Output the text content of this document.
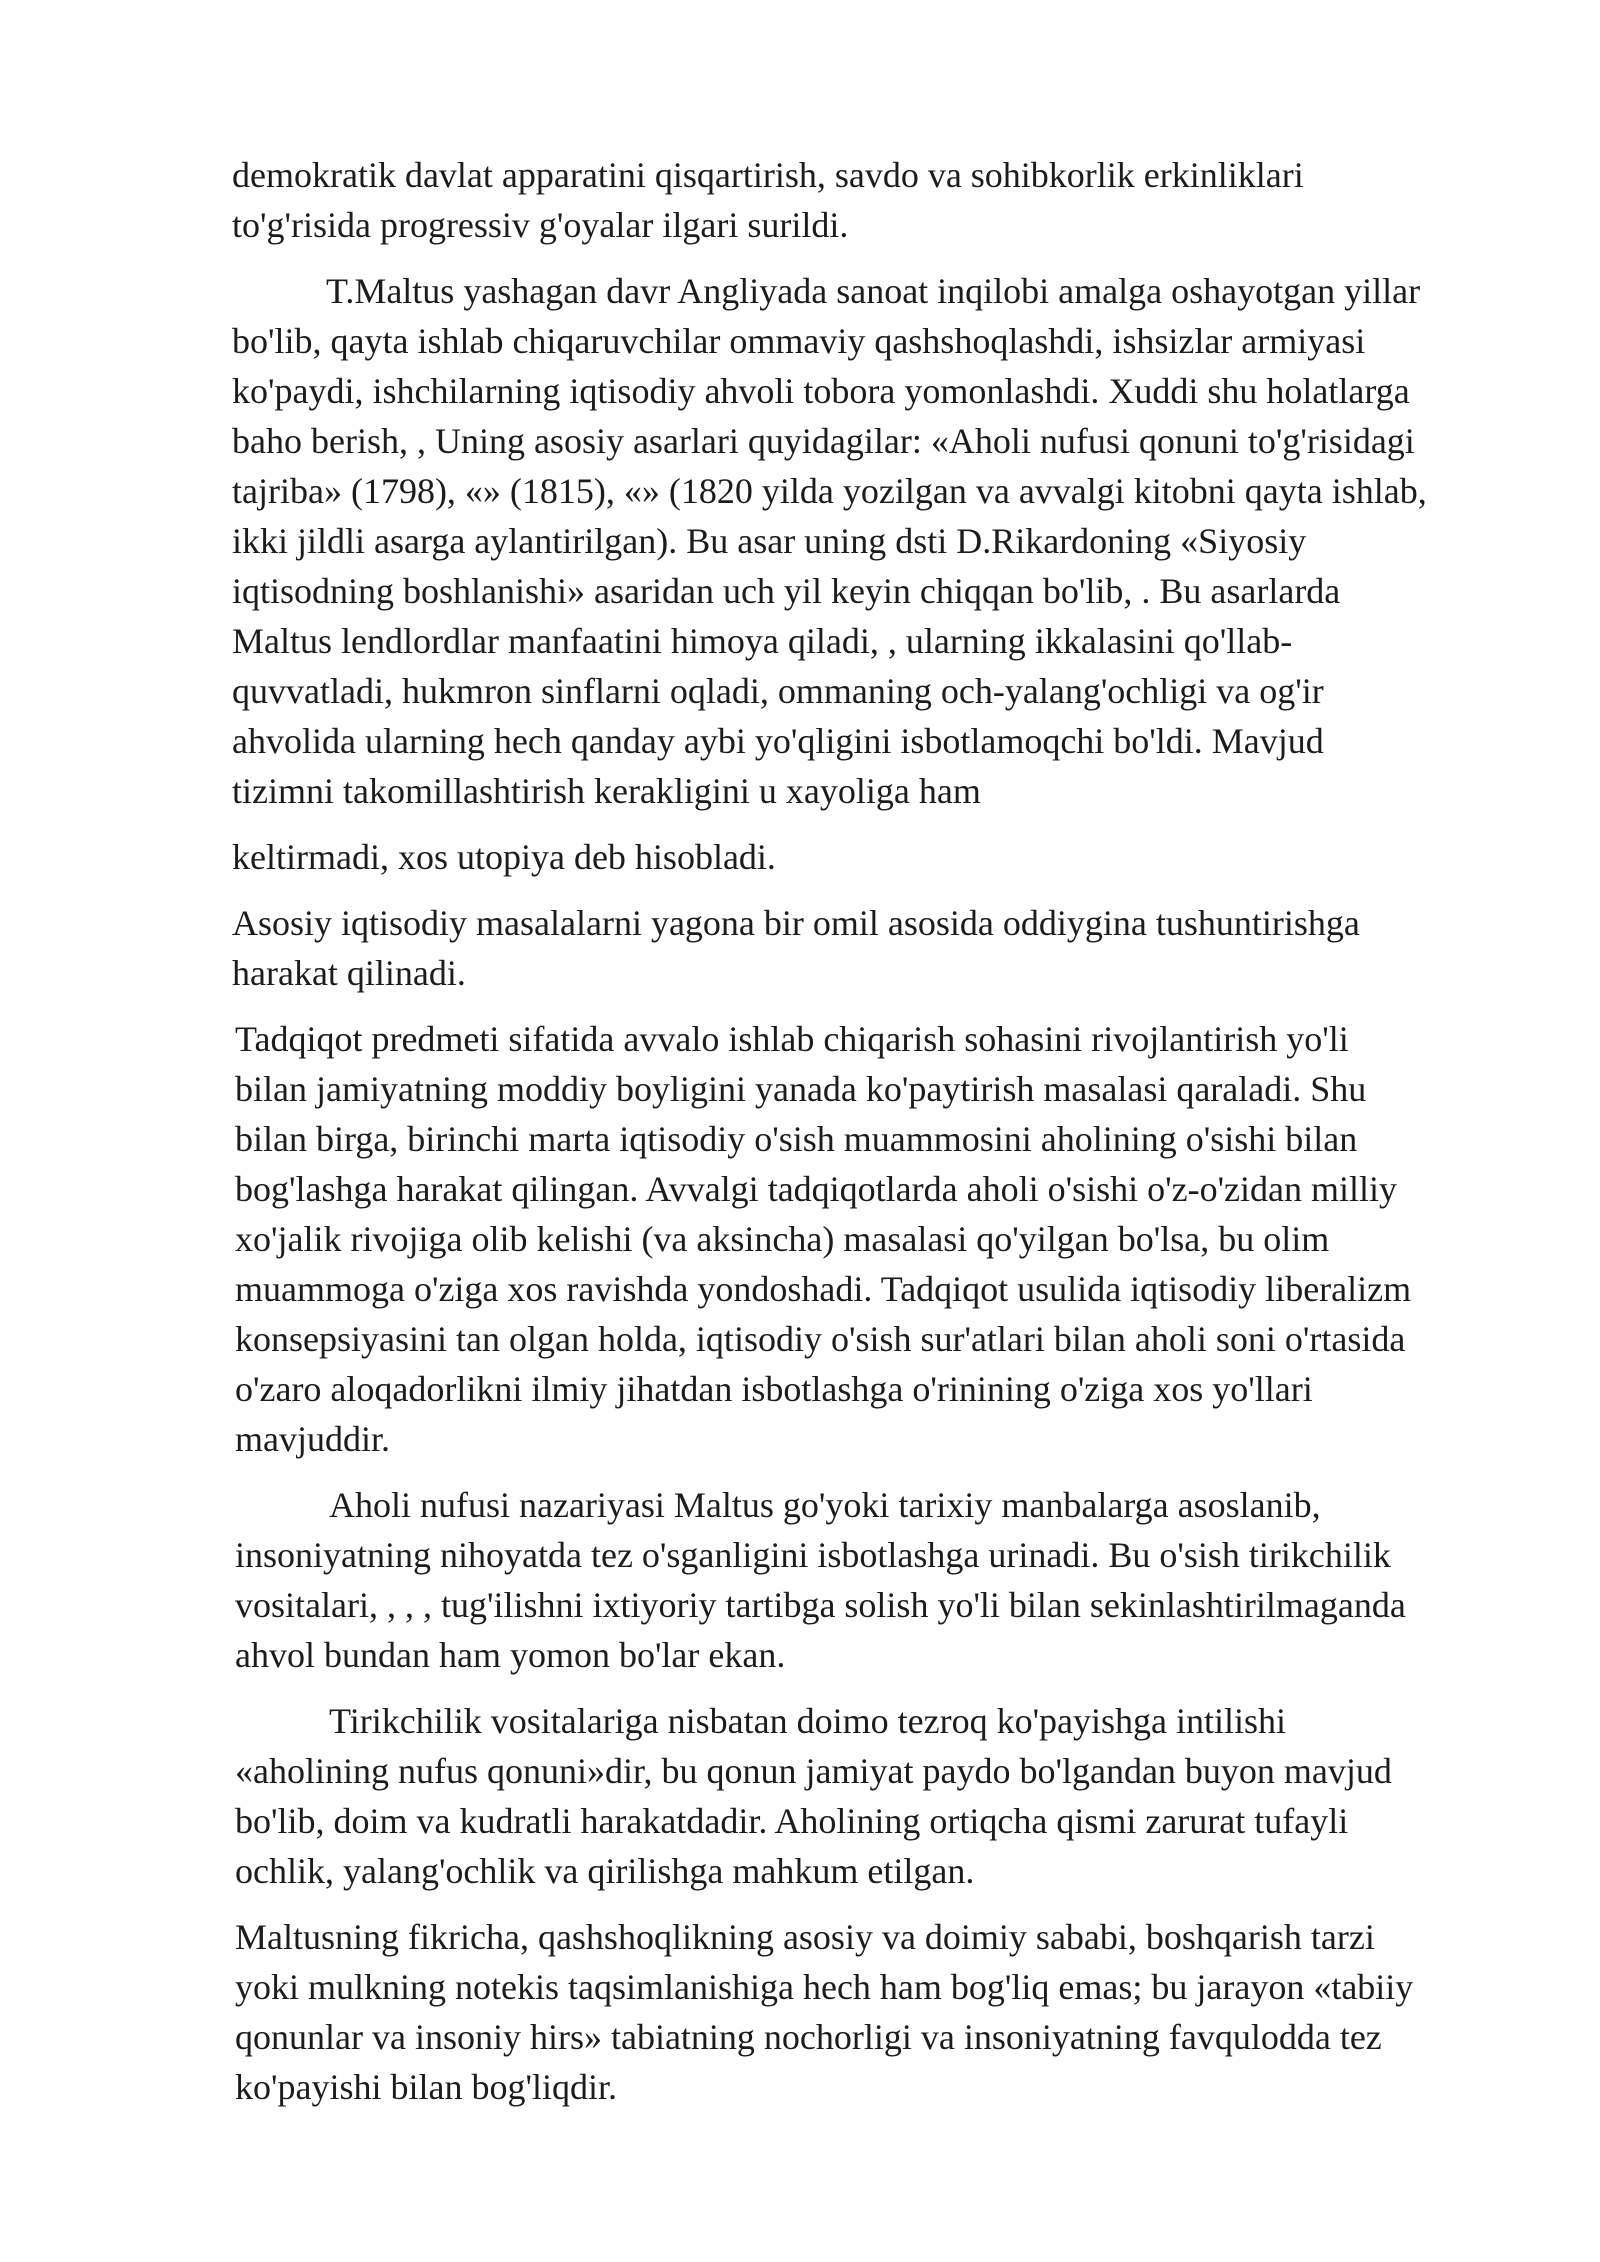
demokratik davlat apparatini qisqartirish, savdo va sohibkorlik erkinliklari
to'g'risida progressiv g'oyalar ilgari surildi.

T.Maltus yashagan davr Angliyada sanoat inqilobi amalga oshayotgan yillar
bo'lib, qayta ishlab chiqaruvchilar ommaviy qashshoqlashdi, ishsizlar armiyasi
ko'paydi, ishchilarning iqtisodiy ahvoli tobora yomonlashdi. Xuddi shu holatlarga
baho berish, , Uning asosiy asarlari quyidagilar: «Aholi nufusi qonuni to'g'risidagi
tajriba» (1798), «» (1815), «» (1820 yilda yozilgan va avvalgi kitobni qayta ishlab,
ikki jildli asarga aylantirilgan). Bu asar uning dsti D.Rikardoning «Siyosiy
iqtisodning boshlanishi» asaridan uch yil keyin chiqqan bo'lib, . Bu asarlarda
Maltus lendlordlar manfaatini himoya qiladi, , ularning ikkalasini qo'llab-
quvvatladi, hukmron sinflarni oqladi, ommaning och-yalang'ochligi va og'ir
ahvolida ularning hech qanday aybi yo'qligini isbotlamoqchi bo'ldi. Mavjud
tizimni takomillashtirish kerakligini u xayoliga ham

keltirmadi, xos utopiya deb hisobladi.

Asosiy iqtisodiy masalalarni yagona bir omil asosida oddiygina tushuntirishga
harakat qilinadi.

Tadqiqot predmeti sifatida avvalo ishlab chiqarish sohasini rivojlantirish yo'li
bilan jamiyatning moddiy boyligini yanada ko'paytirish masalasi qaraladi. Shu
bilan birga, birinchi marta iqtisodiy o'sish muammosini aholining o'sishi bilan
bog'lashga harakat qilingan. Avvalgi tadqiqotlarda aholi o'sishi o'z-o'zidan milliy
xo'jalik rivojiga olib kelishi (va aksincha) masalasi qo'yilgan bo'lsa, bu olim
muammoga o'ziga xos ravishda yondoshadi. Tadqiqot usulida iqtisodiy liberalizm
konsepsiyasini tan olgan holda, iqtisodiy o'sish sur'atlari bilan aholi soni o'rtasida
o'zaro aloqadorlikni ilmiy jihatdan isbotlashga o'rinining o'ziga xos yo'llari
mavjuddir.

Aholi nufusi nazariyasi Maltus go'yoki tarixiy manbalarga asoslanib,
insoniyatning nihoyatda tez o'sganligini isbotlashga urinadi. Bu o'sish tirikchilik
vositalari, , , , tug'ilishni ixtiyoriy tartibga solish yo'li bilan sekinlashtirilmaganda
ahvol bundan ham yomon bo'lar ekan.

Tirikchilik vositalariga nisbatan doimo tezroq ko'payishga intilishi
«aholining nufus qonuni»dir, bu qonun jamiyat paydo bo'lgandan buyon mavjud
bo'lib, doim va kudratli harakatdadir. Aholining ortiqcha qismi zarurat tufayli
ochlik, yalang'ochlik va qirilishga mahkum etilgan.

Maltusning fikricha, qashshoqlikning asosiy va doimiy sababi, boshqarish tarzi
yoki mulkning notekis taqsimlanishiga hech ham bog'liq emas; bu jarayon «tabiiy
qonunlar va insoniy hirs» tabiatning nochorligi va insoniyatning favqulodda tez
ko'payishi bilan bog'liqdir.
